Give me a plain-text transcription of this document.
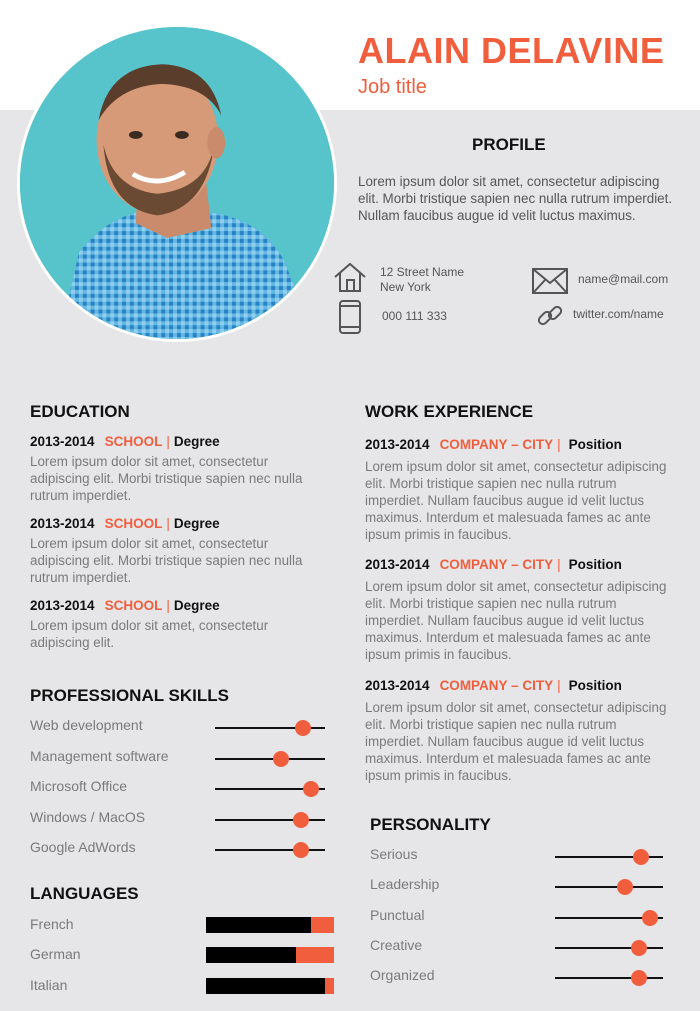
ALAIN DELAVINE
Job title
PROFILE
Lorem ipsum dolor sit amet, consectetur adipiscing elit. Morbi tristique sapien nec nulla rutrum imperdiet. Nullam faucibus augue id velit luctus maximus.
12 Street Name
New York
000 111 333
name@mail.com
twitter.com/name
EDUCATION
2013-2014 SCHOOL | Degree
Lorem ipsum dolor sit amet, consectetur adipiscing elit. Morbi tristique sapien nec nulla rutrum imperdiet.
2013-2014 SCHOOL | Degree
Lorem ipsum dolor sit amet, consectetur adipiscing elit. Morbi tristique sapien nec nulla rutrum imperdiet.
2013-2014 SCHOOL | Degree
Lorem ipsum dolor sit amet, consectetur adipiscing elit.
WORK EXPERIENCE
2013-2014 COMPANY – CITY | Position
Lorem ipsum dolor sit amet, consectetur adipiscing elit. Morbi tristique sapien nec nulla rutrum imperdiet. Nullam faucibus augue id velit luctus maximus. Interdum et malesuada fames ac ante ipsum primis in faucibus.
2013-2014 COMPANY – CITY | Position
Lorem ipsum dolor sit amet, consectetur adipiscing elit. Morbi tristique sapien nec nulla rutrum imperdiet. Nullam faucibus augue id velit luctus maximus. Interdum et malesuada fames ac ante ipsum primis in faucibus.
2013-2014 COMPANY – CITY | Position
Lorem ipsum dolor sit amet, consectetur adipiscing elit. Morbi tristique sapien nec nulla rutrum imperdiet. Nullam faucibus augue id velit luctus maximus. Interdum et malesuada fames ac ante ipsum primis in faucibus.
PROFESSIONAL SKILLS
Web development
Management software
Microsoft Office
Windows / MacOS
Google AdWords
LANGUAGES
French
German
Italian
PERSONALITY
Serious
Leadership
Punctual
Creative
Organized
